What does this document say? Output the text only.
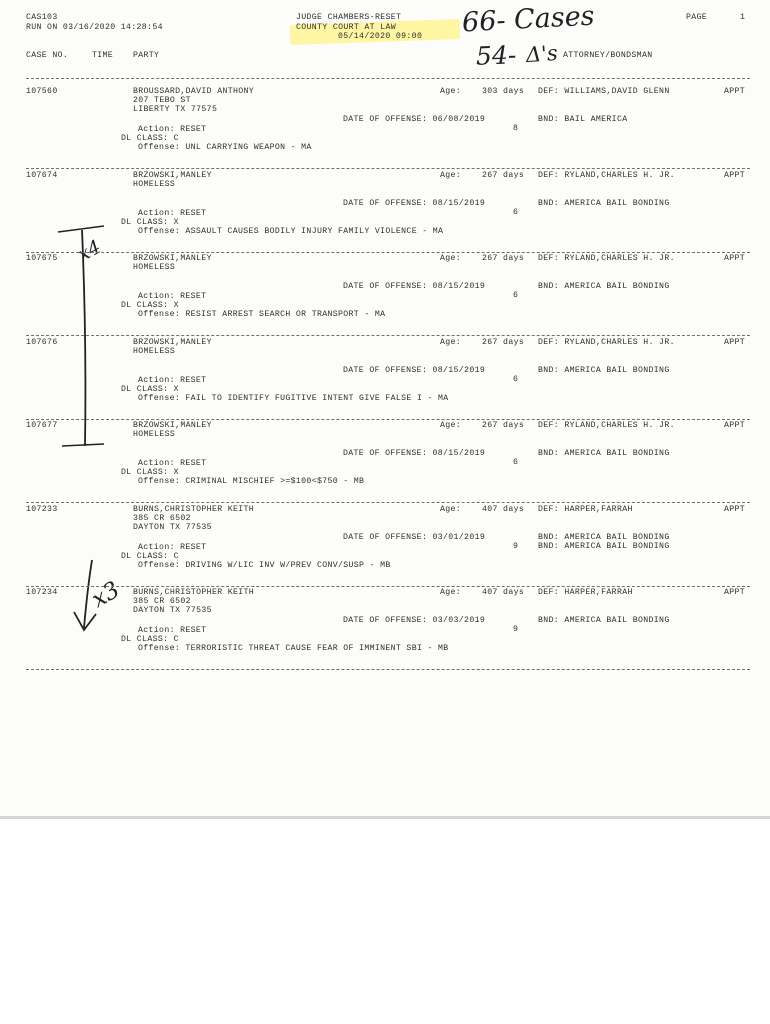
CAS103
RUN ON 03/16/2020 14:28:54
JUDGE CHAMBERS-RESET
COUNTY COURT AT LAW
05/14/2020 09:00
PAGE	1
CASE NO.	TIME PARTY	ATTORNEY/BONDSMAN
66- Cases
54- Δ's
x4
x3
107560	BROUSSARD,DAVID ANTHONY
207 TEBO ST
LIBERTY TX 77575
Age:	303 days DEF: WILLIAMS,DAVID GLENN	APPT
DATE OF OFFENSE: 06/08/2019
8
BND: BAIL AMERICA
Action: RESET
DL CLASS: C
Offense: UNL CARRYING WEAPON - MA
107674	BRZOWSKI,MANLEY
HOMELESS
Age:	267 days DEF: RYLAND,CHARLES H. JR.	APPT
DATE OF OFFENSE: 08/15/2019
6
BND: AMERICA BAIL BONDING
Action: RESET
DL CLASS: X
Offense: ASSAULT CAUSES BODILY INJURY FAMILY VIOLENCE - MA
107675	BRZOWSKI,MANLEY
HOMELESS
Age:	267 days DEF: RYLAND,CHARLES H. JR.	APPT
DATE OF OFFENSE: 08/15/2019
6
BND: AMERICA BAIL BONDING
Action: RESET
DL CLASS: X
Offense: RESIST ARREST SEARCH OR TRANSPORT - MA
107676	BRZOWSKI,MANLEY
HOMELESS
Age:	267 days DEF: RYLAND,CHARLES H. JR.	APPT
DATE OF OFFENSE: 08/15/2019
6
BND: AMERICA BAIL BONDING
Action: RESET
DL CLASS: X
Offense: FAIL TO IDENTIFY FUGITIVE INTENT GIVE FALSE I - MA
107677	BRZOWSKI,MANLEY
HOMELESS
Age:	267 days DEF: RYLAND,CHARLES H. JR.	APPT
DATE OF OFFENSE: 08/15/2019
6
BND: AMERICA BAIL BONDING
Action: RESET
DL CLASS: X
Offense: CRIMINAL MISCHIEF >=$100<$750 - MB
107233	BURNS,CHRISTOPHER KEITH
385 CR 6502
DAYTON TX 77535
Age:	407 days DEF: HARPER,FARRAH	APPT
DATE OF OFFENSE: 03/01/2019
9
BND: AMERICA BAIL BONDING
BND: AMERICA BAIL BONDING
Action: RESET
DL CLASS: C
Offense: DRIVING W/LIC INV W/PREV CONV/SUSP - MB
107234	BURNS,CHRISTOPHER KEITH
385 CR 6502
DAYTON TX 77535
Age:	407 days DEF: HARPER,FARRAH	APPT
DATE OF OFFENSE: 03/03/2019
9
BND: AMERICA BAIL BONDING
Action: RESET
DL CLASS: C
Offense: TERRORISTIC THREAT CAUSE FEAR OF IMMINENT SBI - MB
